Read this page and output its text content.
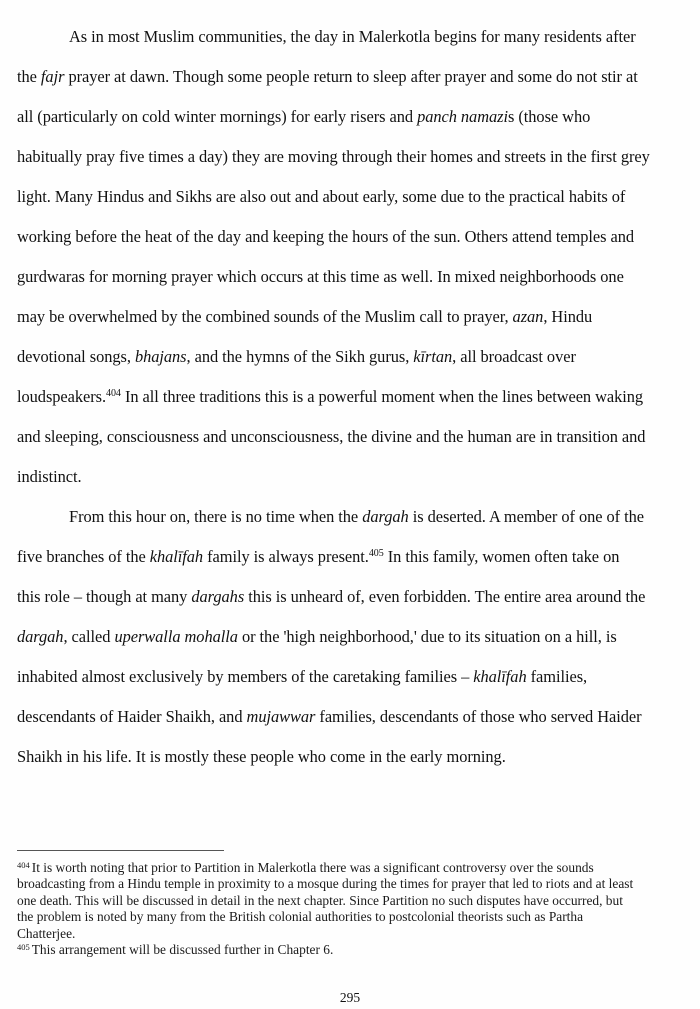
As in most Muslim communities, the day in Malerkotla begins for many residents after
the fajr prayer at dawn. Though some people return to sleep after prayer and some do not stir at
all (particularly on cold winter mornings) for early risers and panch namazis (those who
habitually pray five times a day) they are moving through their homes and streets in the first grey
light. Many Hindus and Sikhs are also out and about early, some due to the practical habits of
working before the heat of the day and keeping the hours of the sun. Others attend temples and
gurdwaras for morning prayer which occurs at this time as well. In mixed neighborhoods one
may be overwhelmed by the combined sounds of the Muslim call to prayer, azan, Hindu
devotional songs, bhajans, and the hymns of the Sikh gurus, kīrtan, all broadcast over
loudspeakers.$^{404}$ In all three traditions this is a powerful moment when the lines between waking
and sleeping, consciousness and unconsciousness, the divine and the human are in transition and
indistinct.
From this hour on, there is no time when the dargah is deserted. A member of one of the
five branches of the khalīfah family is always present.$^{405}$ In this family, women often take on
this role – though at many dargahs this is unheard of, even forbidden. The entire area around the
dargah, called uperwalla mohalla or the 'high neighborhood,' due to its situation on a hill, is
inhabited almost exclusively by members of the caretaking families – khalīfah families,
descendants of Haider Shaikh, and mujawwar families, descendants of those who served Haider
Shaikh in his life. It is mostly these people who come in the early morning.
$^{404}$ It is worth noting that prior to Partition in Malerkotla there was a significant controversy over the sounds
broadcasting from a Hindu temple in proximity to a mosque during the times for prayer that led to riots and at least
one death. This will be discussed in detail in the next chapter. Since Partition no such disputes have occurred, but
the problem is noted by many from the British colonial authorities to postcolonial theorists such as Partha
Chatterjee.
$^{405}$ This arrangement will be discussed further in Chapter 6.
295
